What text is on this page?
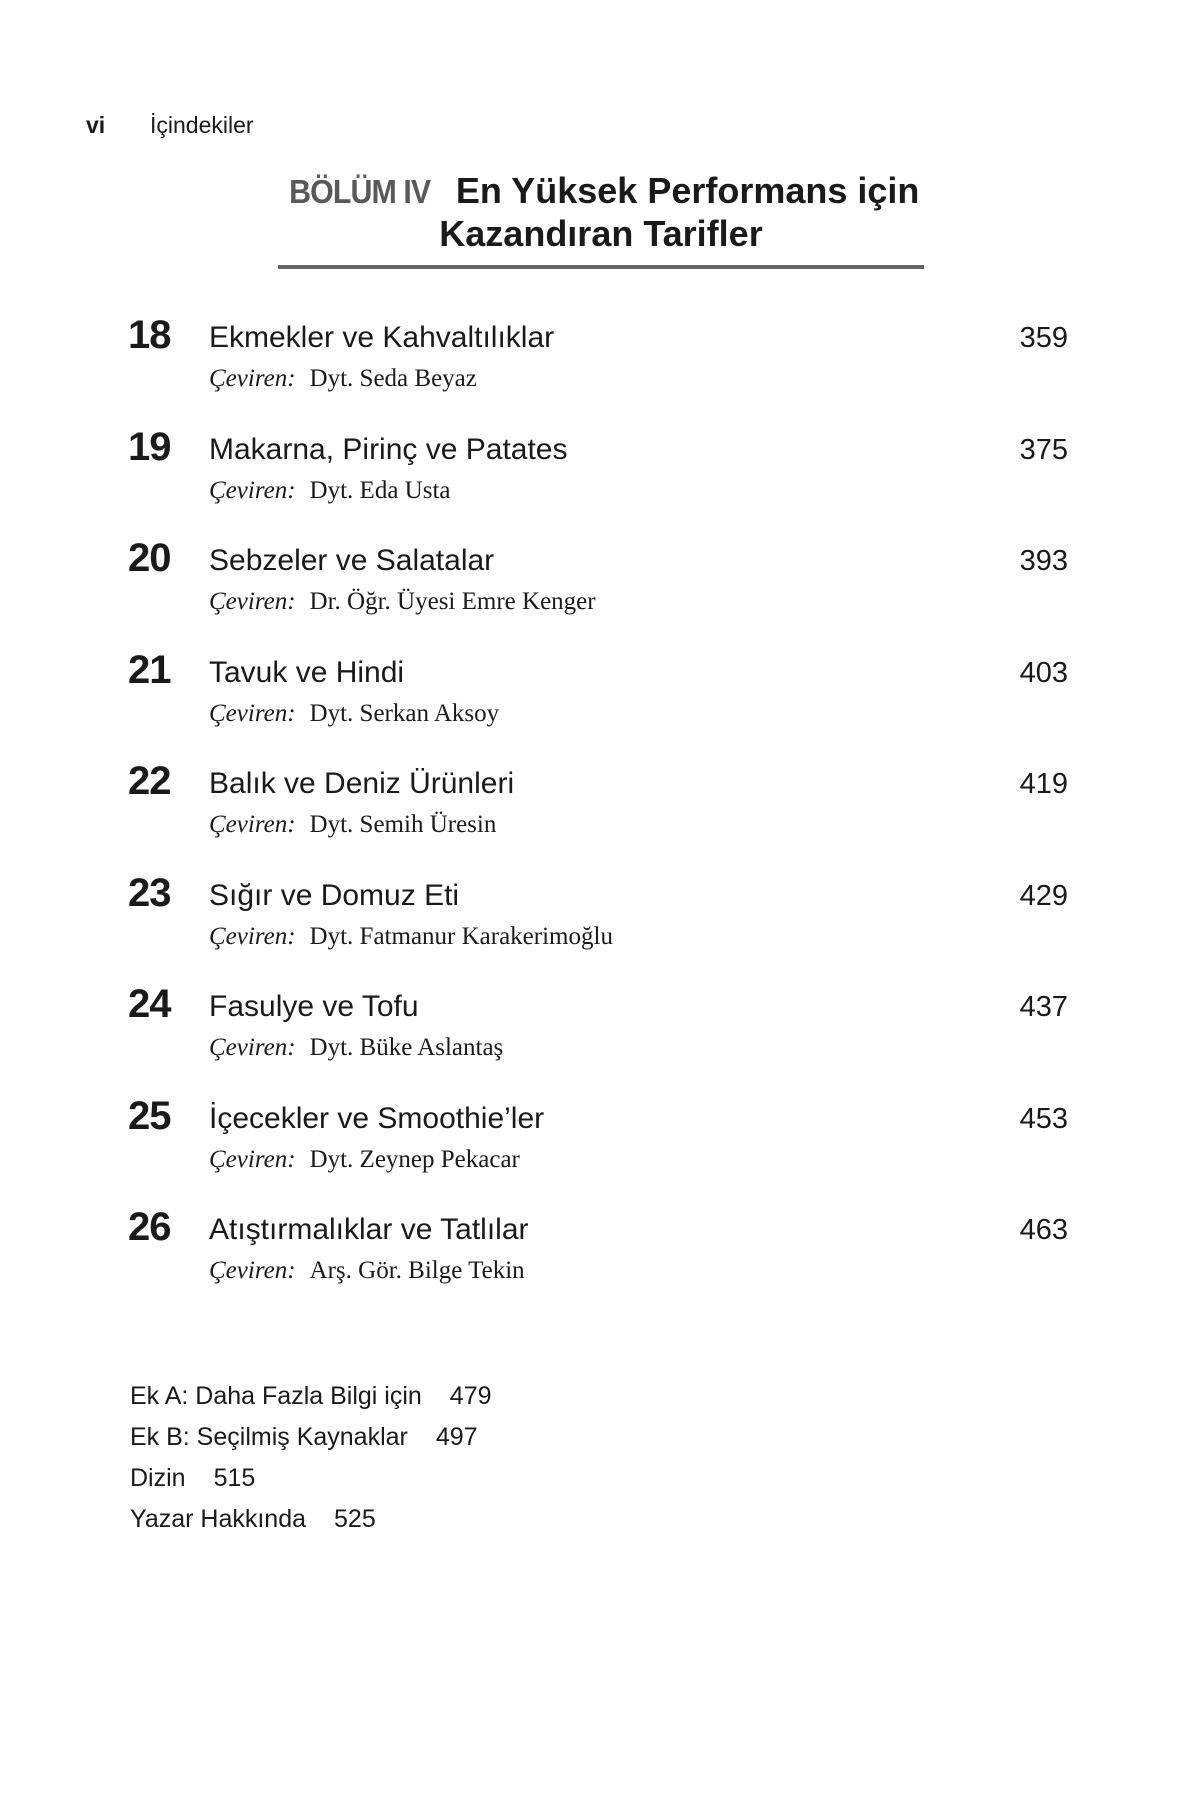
vi	İçindekiler
BÖLÜM IV En Yüksek Performans için
Kazandıran Tarifler
18 Ekmekler ve Kahvaltılıklar	359
Çeviren: Dyt. Seda Beyaz
19 Makarna, Pirinç ve Patates	375
Çeviren: Dyt. Eda Usta
20 Sebzeler ve Salatalar	393
Çeviren: Dr. Öğr. Üyesi Emre Kenger
21 Tavuk ve Hindi	403
Çeviren: Dyt. Serkan Aksoy
22 Balık ve Deniz Ürünleri	419
Çeviren: Dyt. Semih Üresin
23 Sığır ve Domuz Eti	429
Çeviren: Dyt. Fatmanur Karakerimoğlu
24 Fasulye ve Tofu	437
Çeviren: Dyt. Büke Aslantaş
25 İçecekler ve Smoothie’ler	453
Çeviren: Dyt. Zeynep Pekacar
26 Atıştırmalıklar ve Tatlılar	463
Çeviren: Arş. Gör. Bilge Tekin
Ek A: Daha Fazla Bilgi için 479
Ek B: Seçilmiş Kaynaklar 497
Dizin 515
Yazar Hakkında 525
